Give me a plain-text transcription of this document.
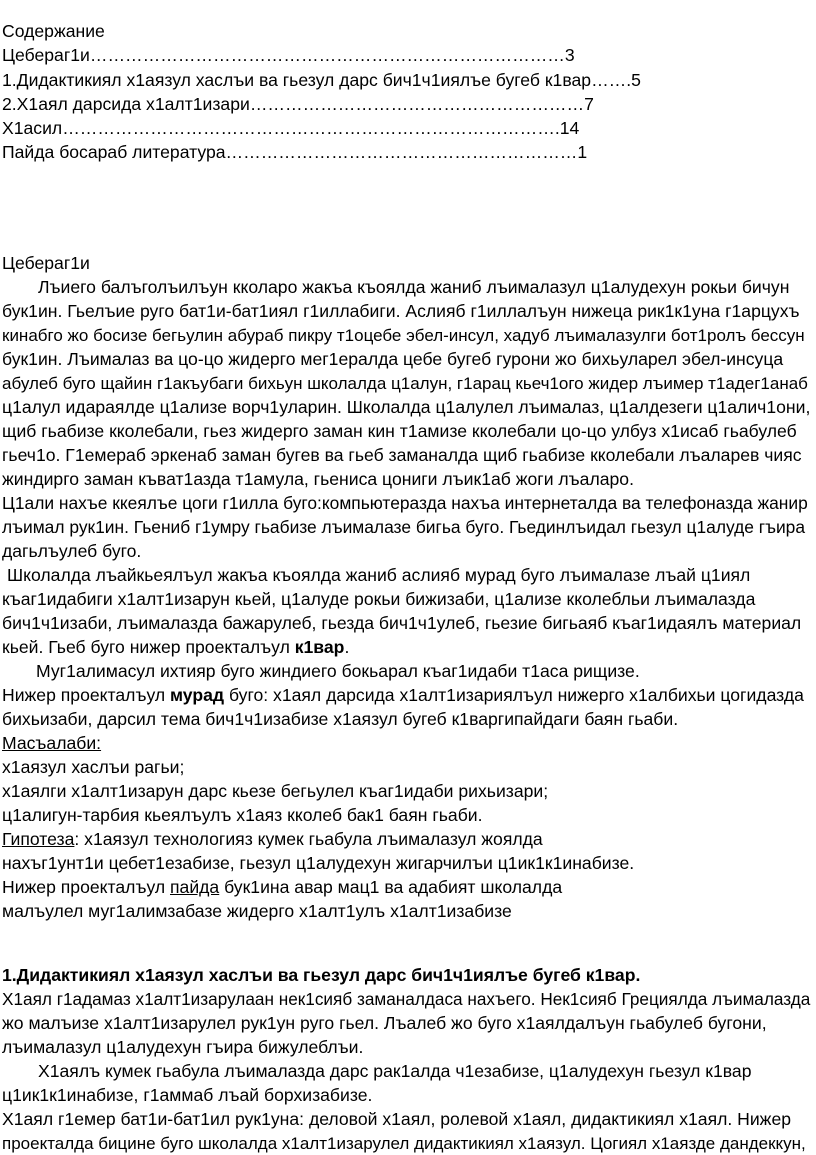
Содержание
Цебераг1и………………………………………………………………………3
1.Дидактикиял х1аязул хаслъи ва гьезул дарс бич1ч1иялъе бугеб к1вар…….5
2.Х1аял дарсида х1алт1изари…………………………………………………7
Х1асил………………………………………………………………………….14
Пайда босараб литература……………………………………………………1
Цебераг1и
Лъиего балъголъилъун кколаро жакъа къоялда жаниб лъималазул ц1алудехун рокьи бичун
бук1ин. Гьелъие руго бат1и-бат1иял г1иллабиги. Аслияб г1иллалъун нижеца рик1к1уна г1арцухъ
кинабго жо босизе бегьулин абураб пикру т1оцебе эбел-инсул, хадуб лъималазулги бот1ролъ бессун
бук1ин. Лъималаз ва цо-цо жидерго мег1ералда цебе бугеб гурони жо бихьуларел эбел-инсуца
абулеб буго щайин г1акъубаги бихьун школалда ц1алун, г1арац кьеч1ого жидер лъимер т1адег1анаб
ц1алул идараялде ц1ализе ворч1уларин. Школалда ц1алулел лъималаз, ц1алдезеги ц1алич1они,
щиб гьабизе кколебали, гьез жидерго заман кин т1амизе кколебали цо-цо улбуз х1исаб гьабулеб
гьеч1о. Г1емераб эркенаб заман бугев ва гьеб заманалда щиб гьабизе кколебали лъаларев чияс
жиндирго заман къват1азда т1амула, гьениса цониги лъик1аб жоги лъаларо.
Ц1али нахъе ккеялъе цоги г1илла буго:компьютеразда нахъа интернеталда ва телефоназда жанир
лъимал рук1ин. Гьениб г1умру гьабизе лъималазе бигьа буго. Гьединлъидал гьезул ц1алуде гъира
дагьлъулеб буго.
Школалда лъайкьеялъул жакъа къоялда жаниб аслияб мурад буго лъималазе лъай ц1иял
къаг1идабиги х1алт1изарун кьей, ц1алуде рокьи бижизаби, ц1ализе кколебльи лъималазда
бич1ч1изаби, лъималазда бажарулеб, гьезда бич1ч1улеб, гьезие бигьаяб къаг1идаялъ материал
кьей. Гьеб буго нижер проекталъул к1вар.
Муг1алимасул ихтияр буго жиндиего бокьарал къаг1идаби т1аса рищизе.
Нижер проекталъул мурад буго: х1аял дарсида х1алт1изариялъул нижерго х1албихьи цогидазда
бихьизаби, дарсил тема бич1ч1изабизе х1аязул бугеб к1варгипайдаги баян гьаби.
Масъалаби:
х1аязул хаслъи рагьи;
х1аялги х1алт1изарун дарс кьезе бегьулел къаг1идаби рихьизари;
ц1алигун-тарбия кьеялъулъ х1аяз кколеб бак1 баян гьаби.
Гипотеза: х1аязул технологияз кумек гьабула лъималазул жоялда
нахъг1унт1и цебет1езабизе, гьезул ц1алудехун жигарчилъи ц1ик1к1инабизе.
Нижер проекталъул пайда бук1ина авар мац1 ва адабият школалда
малъулел муг1алимзабазе жидерго х1алт1улъ х1алт1изабизе
1.Дидактикиял х1аязул хаслъи ва гьезул дарс бич1ч1иялъе бугеб к1вар.
Х1аял г1адамаз х1алт1изарулаан нек1сияб заманалдаса нахъего. Нек1сияб Грециялда лъималазда
жо малъизе х1алт1изарулел рук1ун руго гьел. Лъалеб жо буго х1аялдалъун гьабулеб бугони,
лъималазул ц1алудехун гъира бижулеблъи.
Х1аялъ кумек гьабула лъималазда дарс рак1алда ч1езабизе, ц1алудехун гьезул к1вар
ц1ик1к1инабизе, г1аммаб лъай борхизабизе.
Х1аял г1емер бат1и-бат1ил рук1уна: деловой х1аял, ролевой х1аял, дидактикиял х1аял. Нижер
проекталда бицине буго школалда х1алт1изарулел дидактикиял х1аязул. Цогиял х1аязде дандеккун,
